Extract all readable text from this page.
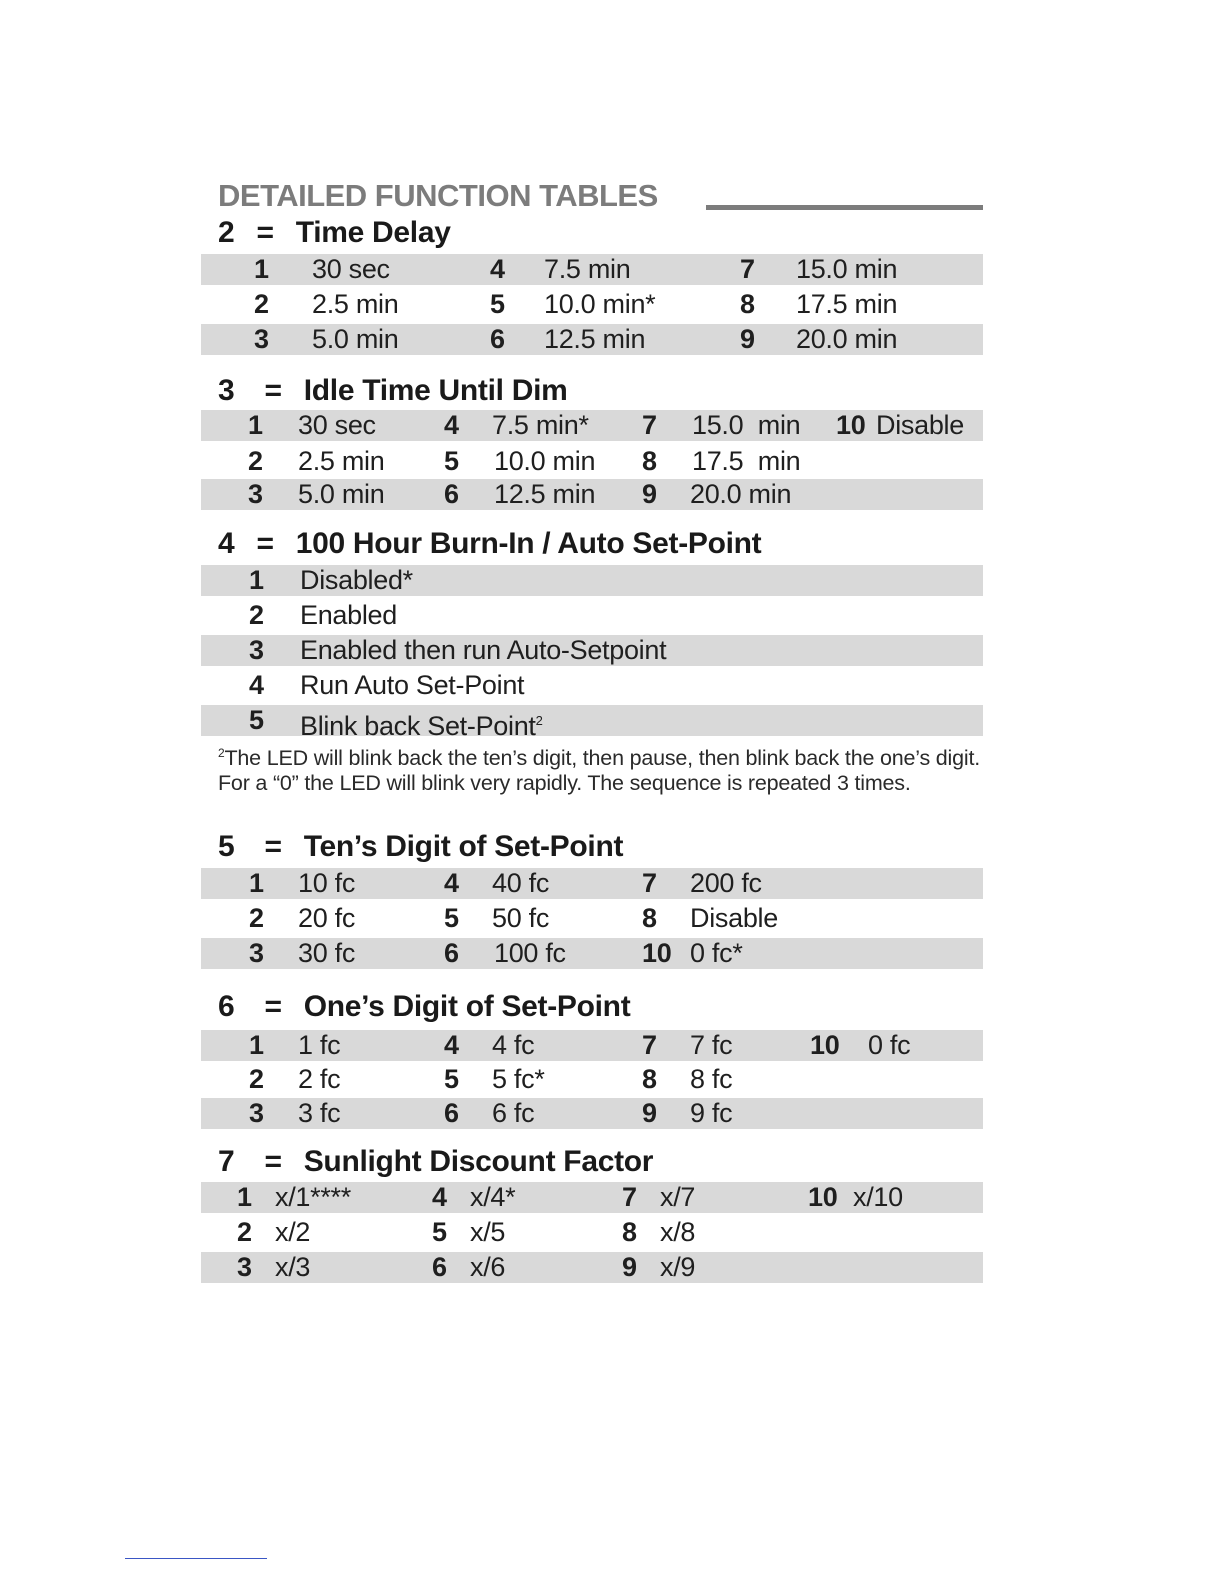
DETAILED FUNCTION TABLES
2 = Time Delay
1 30 sec
2 2.5 min
3 5.0 min
4 7.5 min
5 10.0 min*
6 12.5 min
7 15.0 min
8 17.5 min
9 20.0 min
3 = Idle Time Until Dim
1 30 sec
2 2.5 min
3 5.0 min
4 7.5 min*
5 10.0 min
6 12.5 min
7 15.0  min
8 17.5  min
9 20.0 min
10 Disable
4 = 100 Hour Burn-In / Auto Set-Point
1 Disabled*
2 Enabled
3 Enabled then run Auto-Setpoint
4 Run Auto Set-Point
5 Blink back Set-Point$^2$
$^2$The LED will blink back the ten’s digit, then pause, then blink back the one’s digit. For a “0” the LED will blink very rapidly. The sequence is repeated 3 times.
5 = Ten’s Digit of Set-Point
1 10 fc
2 20 fc
3 30 fc
4 40 fc
5 50 fc
6 100 fc
7 200 fc
8 Disable
10 0 fc*
6 = One’s Digit of Set-Point
1 1 fc
2 2 fc
3 3 fc
4 4 fc
5 5 fc*
6 6 fc
7 7 fc
8 8 fc
9 9 fc
10 0 fc
7 = Sunlight Discount Factor
1 x/1****
2 x/2
3 x/3
4 x/4*
5 x/5
6 x/6
7 x/7
8 x/8
9 x/9
10 x/10
